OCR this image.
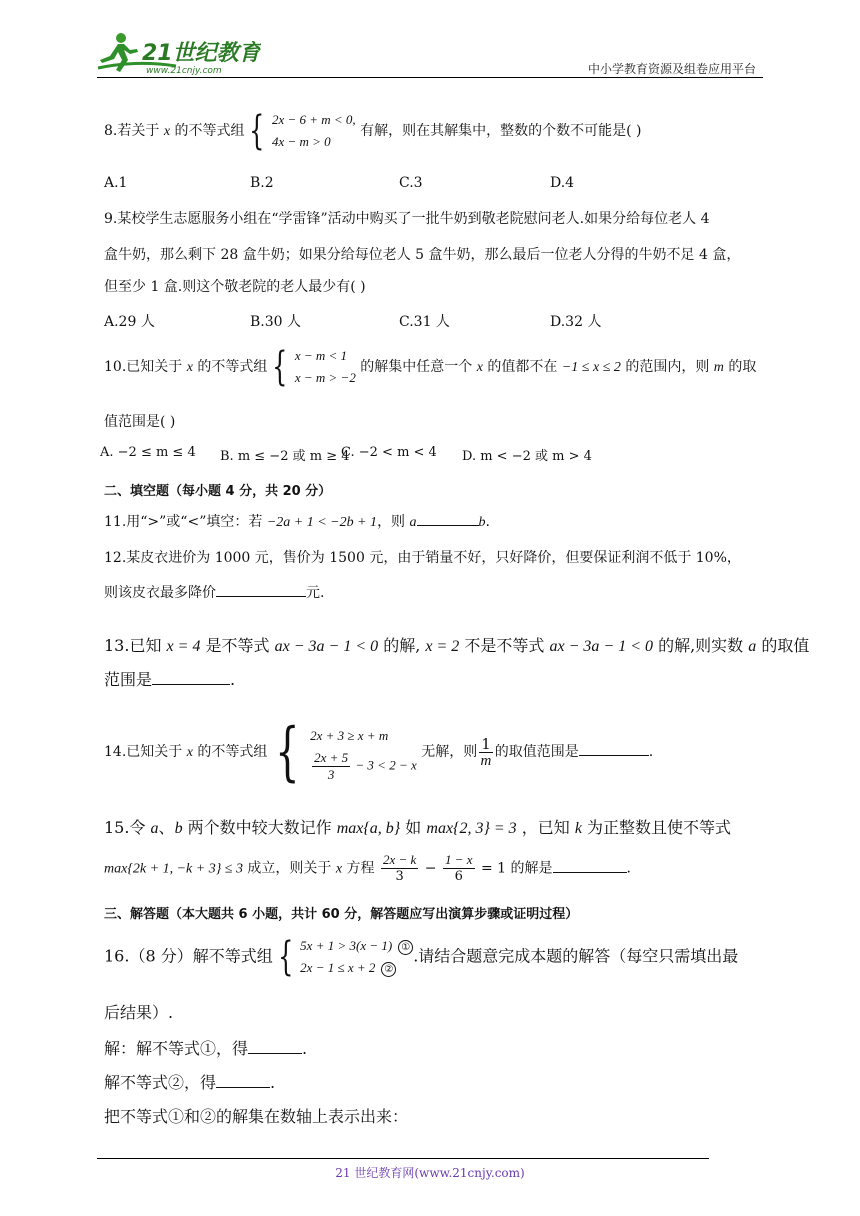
21世纪教育
www.21cnjy.com	中小学教育资源及组卷应用平台
8.若关于 x 的不等式组 { 2x − 6 + m < 0,
4x − m > 0
有解，则在其解集中，整数的个数不可能是( )
A.1	B.2	C.3	D.4
9.某校学生志愿服务小组在“学雷锋”活动中购买了一批牛奶到敬老院慰问老人.如果分给每位老人 4
盒牛奶，那么剩下 28 盒牛奶；如果分给每位老人 5 盒牛奶，那么最后一位老人分得的牛奶不足 4 盒，
但至少 1 盒.则这个敬老院的老人最少有( )
A.29 人	B.30 人	C.31 人	D.32 人
10.已知关于 x 的不等式组 { x − m < 1
x − m > −2
的解集中任意一个 x 的值都不在 −1 ≤ x ≤ 2 的范围内，则 m 的取
值范围是( )
A. −2 ≤ m ≤ 4 B. m ≤ −2 或 m ≥ 4
C. −2 < m < 4 D. m < −2 或 m > 4
二、填空题（每小题 4 分，共 20 分）
11.用“>”或“<”填空：若 −2a + 1 < −2b + 1，则 a	b.
12.某皮衣进价为 1000 元，售价为 1500 元，由于销量不好，只好降价，但要保证利润不低于 10%，
则该皮衣最多降价	元.
13.已知 x = 4 是不等式 ax − 3a − 1 < 0 的解, x = 2 不是不等式 ax − 3a − 1 < 0 的解,则实数 a 的取值
范围是	.
14.已知关于 x 的不等式组 { 2x + 3 ≥ x + m
$\frac{2x + 5}{3} - 3 < 2 - x$
无解，则 $\frac{1}{m}$ 的取值范围是	.
15.令 a、b 两个数中较大数记作 max{a, b} 如 max{2, 3} = 3 ，已知 k 为正整数且使不等式
max{2k + 1, −k + 3} ≤ 3 成立，则关于 x 方程 $\frac{2x - k}{3} - \frac{1 - x}{6} = 1$ 的解是	.
三、解答题（本大题共 6 小题，共计 60 分，解答题应写出演算步骤或证明过程）
16.（8 分）解不等式组 { 5x + 1 > 3(x − 1) ①
2x − 1 ≤ x + 2 ②
.请结合题意完成本题的解答（每空只需填出最
后结果）.
解：解不等式①，得	.
解不等式②，得	.
把不等式①和②的解集在数轴上表示出来：
21 世纪教育网(www.21cnjy.com)
